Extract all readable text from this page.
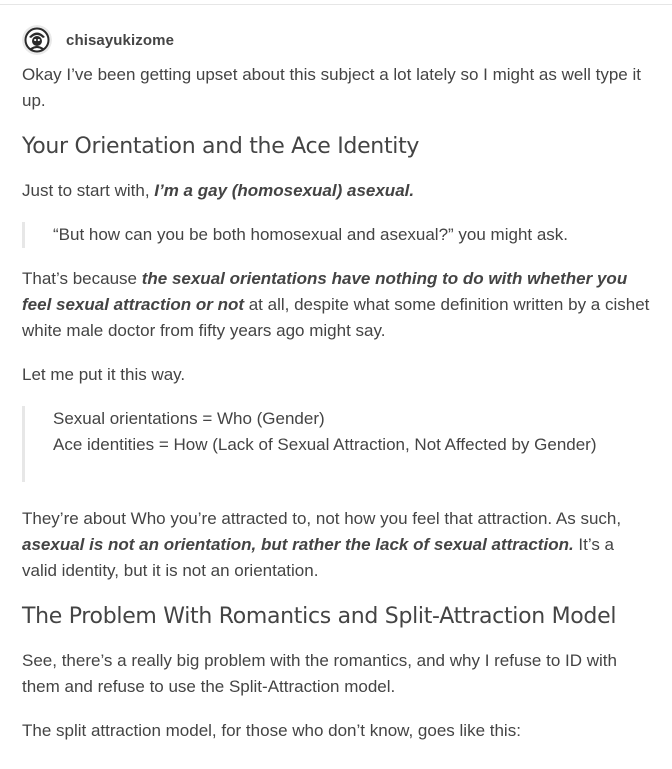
chisayukizome

Okay I’ve been getting upset about this subject a lot lately so I might as well type it up.

Your Orientation and the Ace Identity

Just to start with, I’m a gay (homosexual) asexual.

“But how can you be both homosexual and asexual?” you might ask.

That’s because the sexual orientations have nothing to do with whether you feel sexual attraction or not at all, despite what some definition written by a cishet white male doctor from fifty years ago might say.

Let me put it this way.

Sexual orientations = Who (Gender)

Ace identities = How (Lack of Sexual Attraction, Not Affected by Gender)

They’re about Who you’re attracted to, not how you feel that attraction. As such, asexual is not an orientation, but rather the lack of sexual attraction. It’s a valid identity, but it is not an orientation.

The Problem With Romantics and Split-Attraction Model

See, there’s a really big problem with the romantics, and why I refuse to ID with them and refuse to use the Split-Attraction model.

The split attraction model, for those who don’t know, goes like this:
